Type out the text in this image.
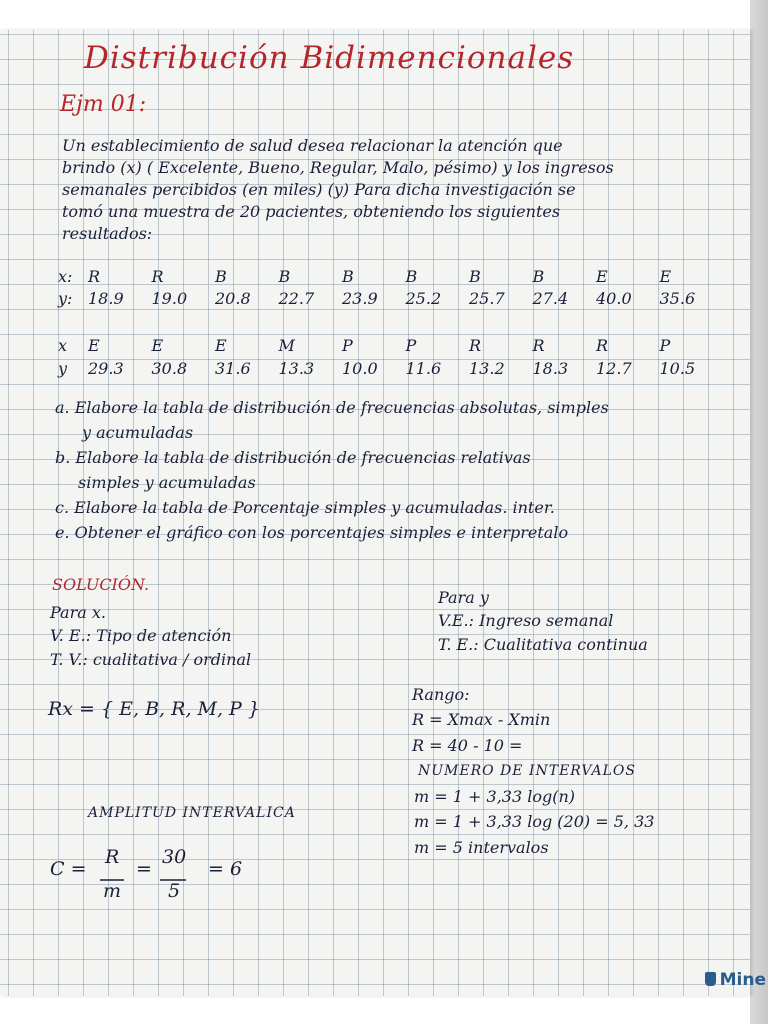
Distribución Bidimencionales
Ejm 01:
Un establecimiento de salud desea relacionar la atención que
brindo (x) ( Excelente, Bueno, Regular, Malo, pésimo) y los ingresos
semanales percibidos (en miles) (y) Para dicha investigación se
tomó una muestra de 20 pacientes, obteniendo los siguientes
resultados:
x: R	R	B	B	B	B	B	B	E	E
y: 18.9 19.0 20.8 22.7 23.9 25.2 25.7 27.4 40.0 35.6
x E	E	E	M	P	P	R	R	R	P
y 29.3 30.8 31.6 13.3 10.0 11.6 13.2 18.3 12.7 10.5
a. Elabore la tabla de distribución de frecuencias absolutas, simples
y acumuladas
b. Elabore la tabla de distribución de frecuencias relativas
simples y acumuladas
c. Elabore la tabla de Porcentaje simples y acumuladas. inter.
e. Obtener el gráfico con los porcentajes simples e interpretalo
SOLUCIÓN.
Para x.
V. E.: Tipo de atención
T. V.: cualitativa / ordinal
Rx = { E, B, R, M, P }
AMPLITUD INTERVALICA
C =
R
m
=
30
5
= 6
Para y
V.E.: Ingreso semanal
T. E.: Cualitativa continua
Rango:
R = Xmax - Xmin
R = 40 - 10 =
NUMERO DE INTERVALOS
m = 1 + 3,33 log(n)
m = 1 + 3,33 log (20) = 5, 33
m = 5 intervalos
Mine
